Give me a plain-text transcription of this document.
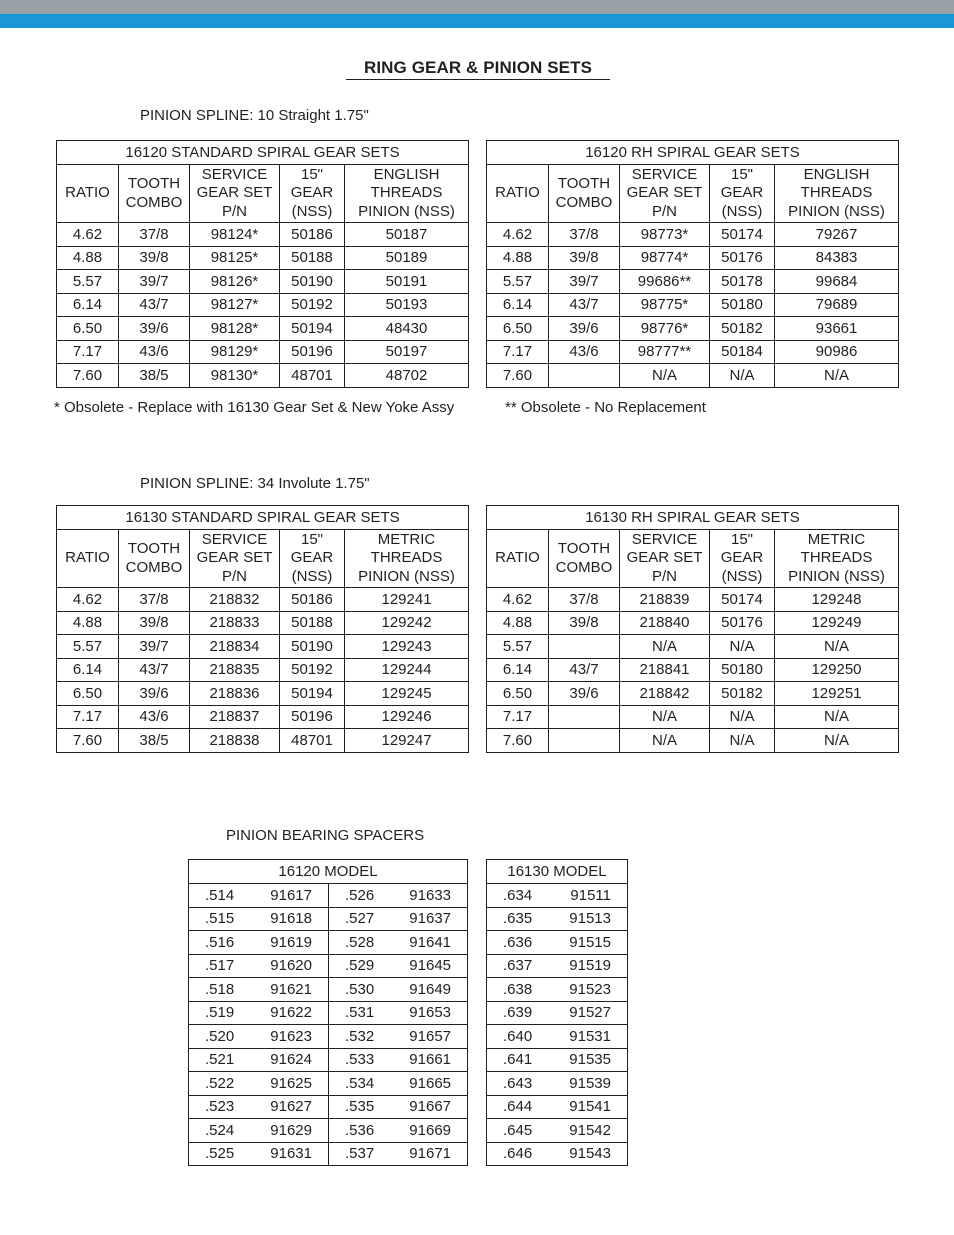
RING GEAR & PINION SETS
PINION SPLINE: 10 Straight 1.75"
16120 STANDARD SPIRAL GEAR SETS				
RATIO	TOOTH COMBO	SERVICE GEAR SET P/N	15" GEAR (NSS)	ENGLISH THREADS PINION (NSS)
4.62	37/8	98124*	50186	50187
4.88	39/8	98125*	50188	50189
5.57	39/7	98126*	50190	50191
6.14	43/7	98127*	50192	50193
6.50	39/6	98128*	50194	48430
7.17	43/6	98129*	50196	50197
7.60	38/5	98130*	48701	48702
16120 RH SPIRAL GEAR SETS				
RATIO	TOOTH COMBO	SERVICE GEAR SET P/N	15" GEAR (NSS)	ENGLISH THREADS PINION (NSS)
4.62	37/8	98773*	50174	79267
4.88	39/8	98774*	50176	84383
5.57	39/7	99686**	50178	99684
6.14	43/7	98775*	50180	79689
6.50	39/6	98776*	50182	93661
7.17	43/6	98777**	50184	90986
7.60		N/A	N/A	N/A
* Obsolete - Replace with 16130 Gear Set & New Yoke Assy	** Obsolete - No Replacement
PINION SPLINE: 34 Involute 1.75"
16130 STANDARD SPIRAL GEAR SETS				
RATIO	TOOTH COMBO	SERVICE GEAR SET P/N	15" GEAR (NSS)	METRIC THREADS PINION (NSS)
4.62	37/8	218832	50186	129241
4.88	39/8	218833	50188	129242
5.57	39/7	218834	50190	129243
6.14	43/7	218835	50192	129244
6.50	39/6	218836	50194	129245
7.17	43/6	218837	50196	129246
7.60	38/5	218838	48701	129247
16130 RH SPIRAL GEAR SETS				
RATIO	TOOTH COMBO	SERVICE GEAR SET P/N	15" GEAR (NSS)	METRIC THREADS PINION (NSS)
4.62	37/8	218839	50174	129248
4.88	39/8	218840	50176	129249
5.57		N/A	N/A	N/A
6.14	43/7	218841	50180	129250
6.50	39/6	218842	50182	129251
7.17		N/A	N/A	N/A
7.60		N/A	N/A	N/A
PINION BEARING SPACERS
16120 MODEL	

.514 91617	.526 91633

.515 91618	.527 91637

.516 91619	.528 91641

.517 91620	.529 91645

.518 91621	.530 91649

.519 91622	.531 91653

.520 91623	.532 91657

.521 91624	.533 91661

.522 91625	.534 91665

.523 91627	.535 91667

.524 91629	.536 91669

.525 91631	.537 91671
16130 MODEL

.634	91511

.635 91513

.636 91515

.637 91519

.638 91523

.639 91527

.640 91531

.641 91535

.643 91539

.644 91541

.645 91542

.646 91543
